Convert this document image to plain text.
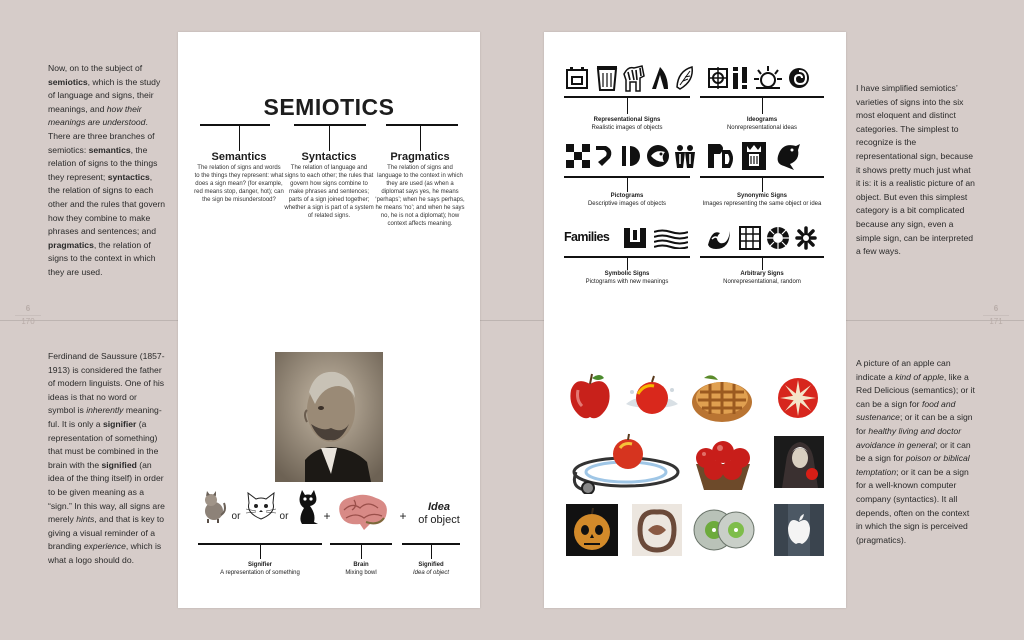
Now, on to the subject of semiotics, which is the study of language and signs, their meanings, and how their meanings are understood. There are three branches of semiotics: semantics, the relation of signs to the things they represent; syntactics, the relation of signs to each other and the rules that govern how they combine to make phrases and sentences; and pragmatics, the relation of signs to the context in which they are used.
6
170
Ferdinand de Saussure (1857-1913) is considered the father of modern linguists. One of his ideas is that no word or symbol is inherently meaning-ful. It is only a signifier (a representation of something) that must be combined in the brain with the signified (an idea of the thing itself) in order to be given meaning as a “sign.” In this way, all signs are merely hints, and that is key to giving a visual reminder of a branding experience, which is what a logo should do.
I have simplified semiotics’ varieties of signs into the six most eloquent and distinct categories. The simplest to recognize is the representational sign, because it shows pretty much just what it is: it is a realistic picture of an object. But even this simplest category is a bit complicated because any sign, even a simple sign, can be interpreted a few ways.
6
171
A picture of an apple can indicate a kind of apple, like a Red Delicious (semantics); or it can be a sign for food and sustenance; or it can be a sign for healthy living and doctor avoidance in general; or it can be a sign for poison or biblical temptation; or it can be a sign for a well-known computer company (syntactics). It all depends, often on the context in which the sign is perceived (pragmatics).
SEMIOTICS
Semantics
The relation of signs and words to the things they represent: what does a sign mean? (for example, red means stop, danger, hot); can the sign be misunderstood?
Syntactics
The relation of language and signs to each other; the rules that govern how signs combine to make phrases and sentences; parts of a sign joined together; whether a sign is part of a system of related signs.
Pragmatics
The relation of signs and language to the context in which they are used (as when a diplomat says yes, he means ‘perhaps’; when he says perhaps, he means ‘no’; and when he says no, he is not a diplomat); how context affects meaning.
or	or	+	+
Idea
of object
Signifier
A representation of something
Brain
Mixing bowl
Signified
Idea of object
Representational Signs
Realistic images of objects
Ideograms
Nonrepresentational ideas
Pictograms
Descriptive images of objects
Synonymic Signs
Images representing the same object or idea
Families
Symbolic Signs
Pictograms with new meanings
Arbitrary Signs
Nonrepresentational, random
